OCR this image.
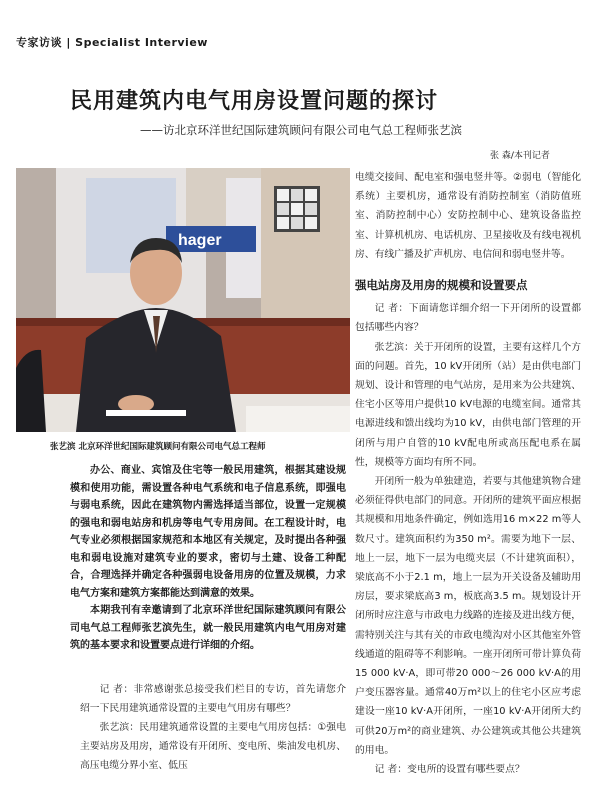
专家访谈 | Specialist Interview
民用建筑内电气用房设置问题的探讨
——访北京环洋世纪国际建筑顾问有限公司电气总工程师张艺滨
张 森/本刊记者
hager
张艺滨 北京环洋世纪国际建筑顾问有限公司电气总工程师

办公、商业、宾馆及住宅等一般民用建筑，根据其建设规模和使用功能，需设置各种电气系统和电子信息系统，即强电与弱电系统，因此在建筑物内需选择适当部位，设置一定规模的强电和弱电站房和机房等电气专用房间。在工程设计时，电气专业必须根据国家规范和本地区有关规定，及时提出各种强电和弱电设施对建筑专业的要求，密切与土建、设备工种配合，合理选择并确定各种强弱电设备用房的位置及规模，力求电气方案和建筑方案都能达到满意的效果。

本期我刊有幸邀请到了北京环洋世纪国际建筑顾问有限公司电气总工程师张艺滨先生，就一般民用建筑内电气用房对建筑的基本要求和设置要点进行详细的介绍。

记 者：非常感谢张总接受我们栏目的专访，首先请您介绍一下民用建筑通常设置的主要电气用房有哪些？

张艺滨：民用建筑通常设置的主要电气用房包括：①强电主要站房及用房，通常设有开闭所、变电所、柴油发电机房、高压电缆分界小室、低压

电缆交接间、配电室和强电竖井等。②弱电（智能化系统）主要机房，通常设有消防控制室（消防值班室、消防控制中心）安防控制中心、建筑设备监控室、计算机机房、电话机房、卫星接收及有线电视机房、有线广播及扩声机房、电信间和弱电竖井等。

强电站房及用房的规模和设置要点

记 者：下面请您详细介绍一下开闭所的设置都包括哪些内容？

张艺滨：关于开闭所的设置，主要有这样几个方面的问题。首先，10 kV开闭所（站）是由供电部门规划、设计和管理的电气站房，是用来为公共建筑、住宅小区等用户提供10 kV电源的电缆室间。通常其电源进线和馈出线均为10 kV，由供电部门管理的开闭所与用户自管的10 kV配电所或高压配电系在属性，规模等方面均有所不同。

开闭所一般为单独建造，若要与其他建筑物合建必须征得供电部门的同意。开闭所的建筑平面应根据其规模和用地条件确定，例如选用16 m×22 m等人数尺寸。建筑面积约为350 m²。需要为地下一层、地上一层，地下一层为电缆夹层（不计建筑面积），梁底高不小于2.1 m，地上一层为开关设备及辅助用房层，要求梁底高3 m，板底高3.5 m。规划设计开闭所时应注意与市政电力线路的连接及进出线方便，需特别关注与其有关的市政电缆沟对小区其他室外管线通道的阻碍等不利影响。一座开闭所可带计算负荷15 000 kV·A，即可带20 000～26 000 kV·A的用户变压器容量。通常40万m²以上的住宅小区应考虑建设一座10 kV·A开闭所，一座10 kV·A开闭所大约可供20万m²的商业建筑、办公建筑或其他公共建筑的用电。

记 者：变电所的设置有哪些要点？
